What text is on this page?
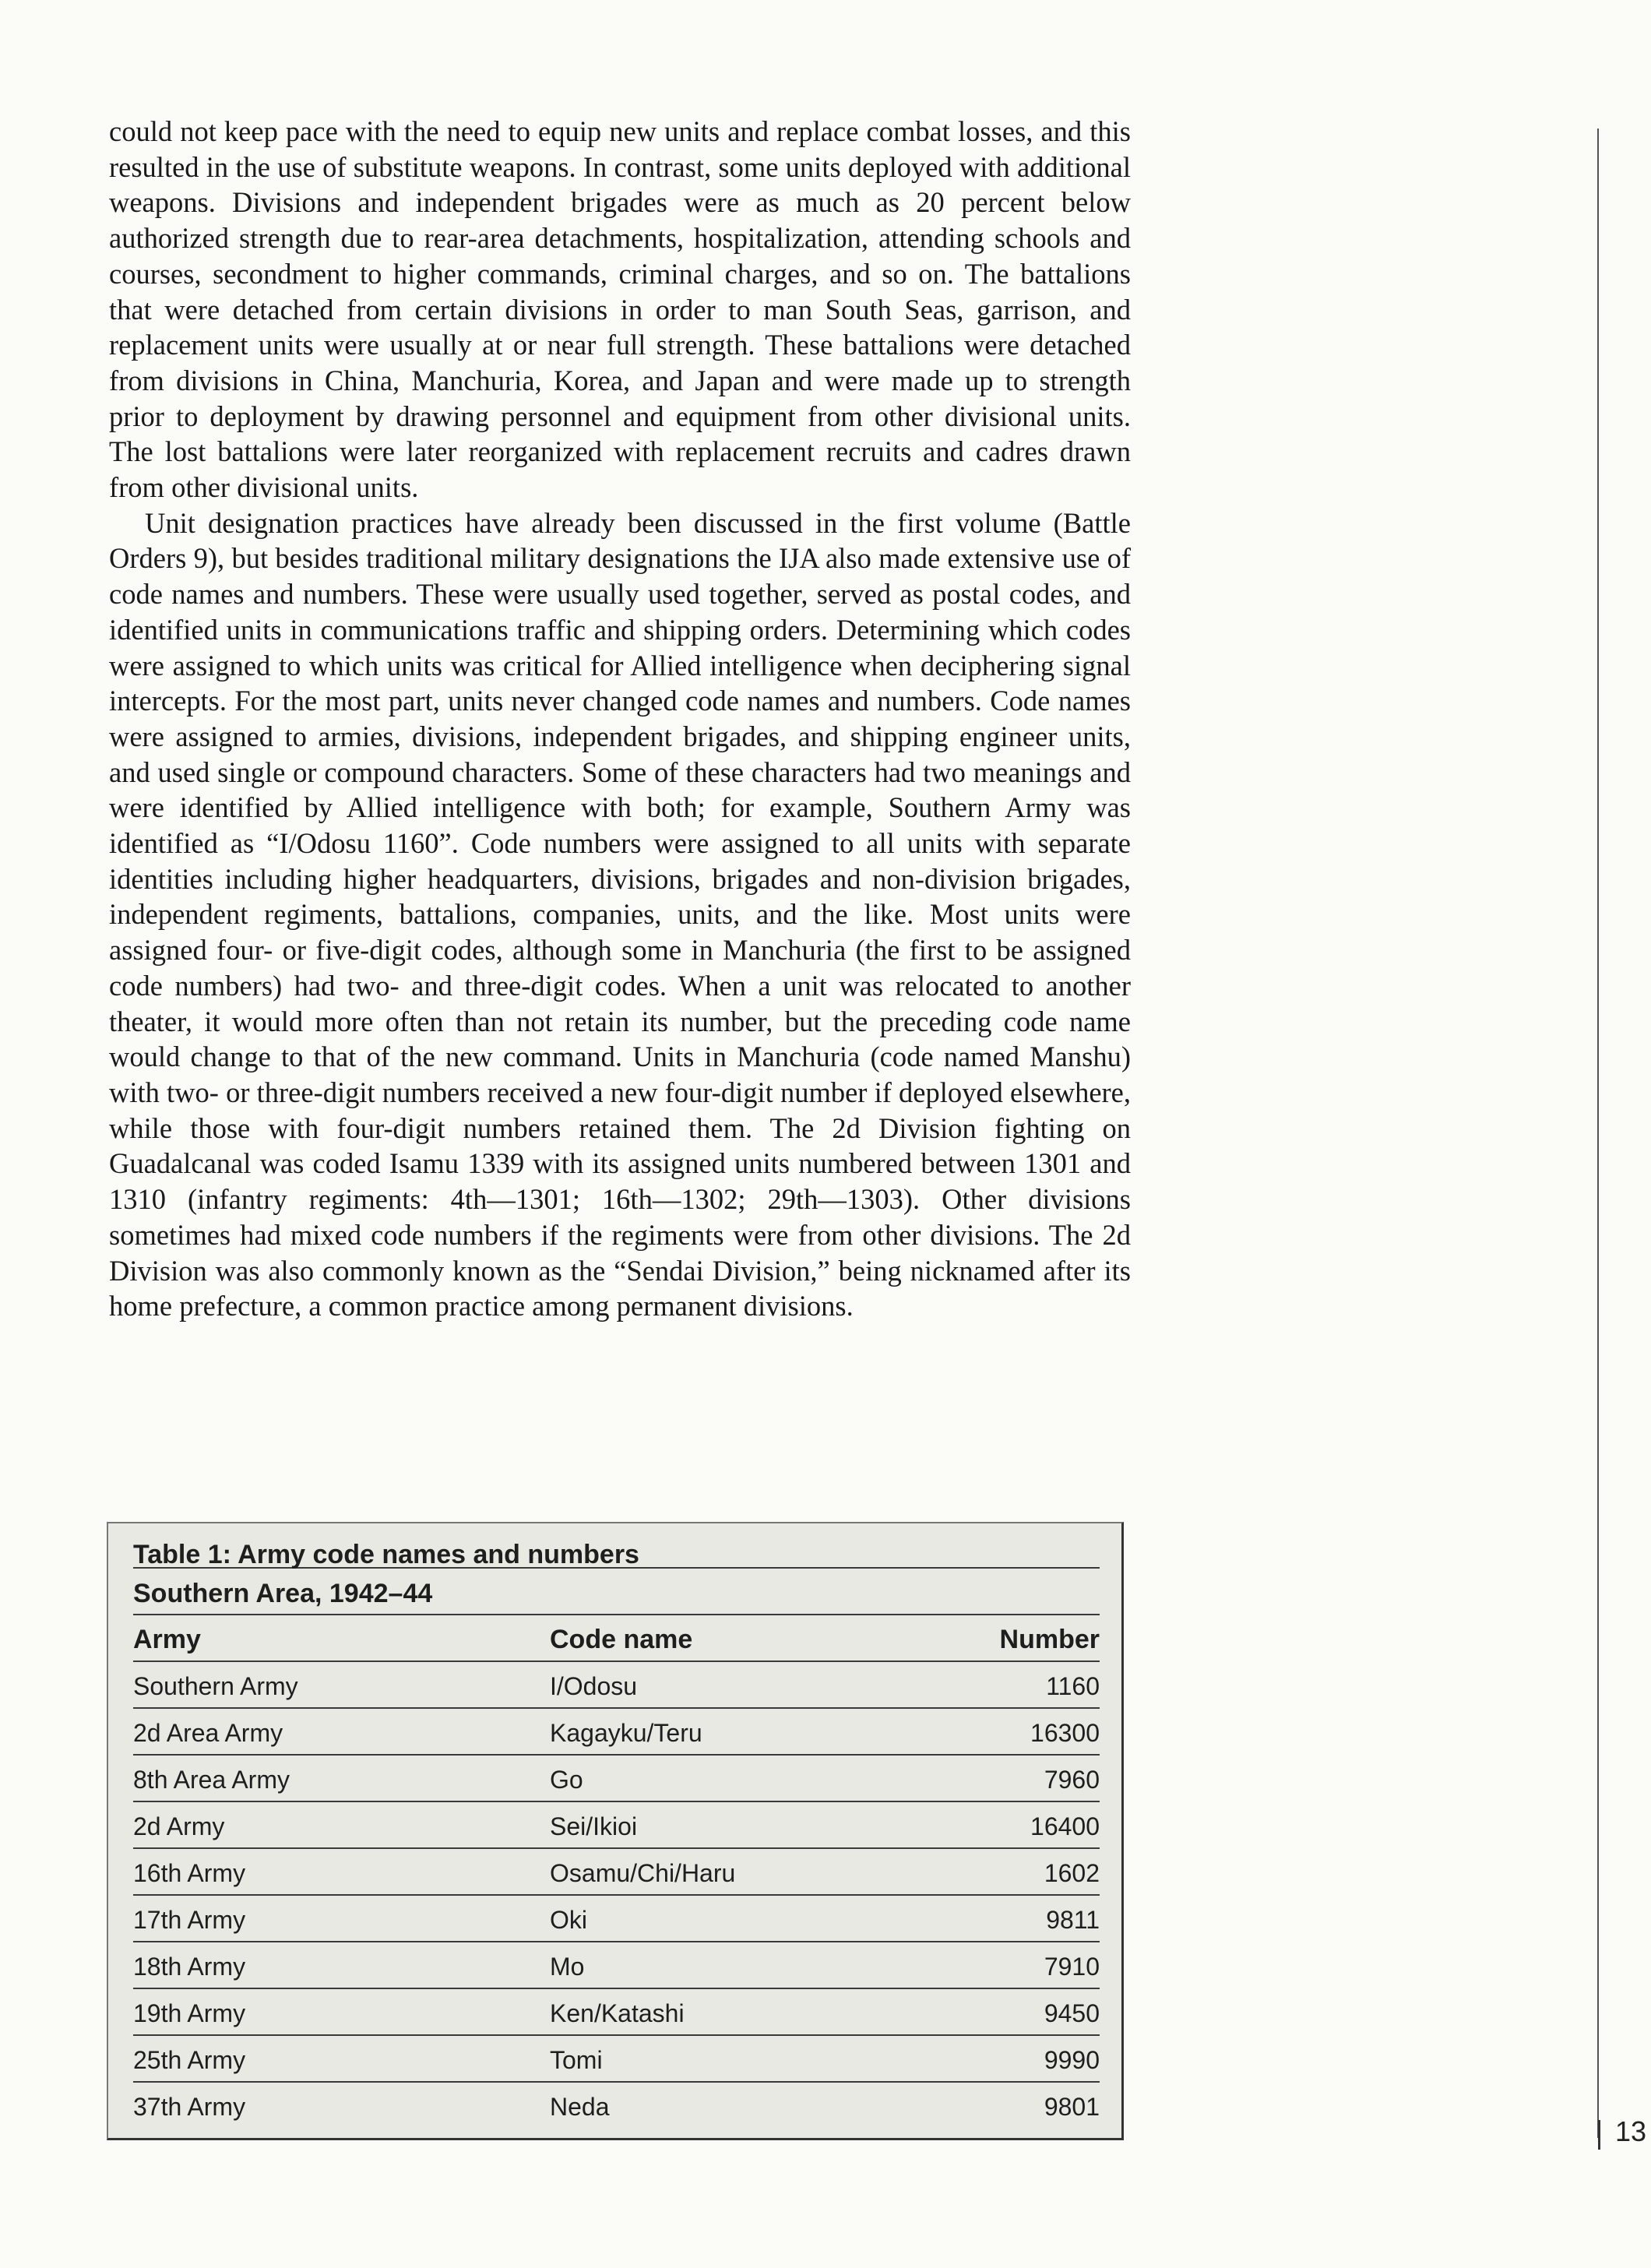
could not keep pace with the need to equip new units and replace combat losses, and this resulted in the use of substitute weapons. In contrast, some units deployed with additional weapons. Divisions and independent brigades were as much as 20 percent below authorized strength due to rear-area detachments, hospitalization, attending schools and courses, secondment to higher commands, criminal charges, and so on. The battalions that were detached from certain divisions in order to man South Seas, garrison, and replacement units were usually at or near full strength. These battalions were detached from divisions in China, Manchuria, Korea, and Japan and were made up to strength prior to deployment by drawing personnel and equipment from other divisional units. The lost battalions were later reorganized with replacement recruits and cadres drawn from other divisional units.

Unit designation practices have already been discussed in the first volume (Battle Orders 9), but besides traditional military designations the IJA also made extensive use of code names and numbers. These were usually used together, served as postal codes, and identified units in communications traffic and shipping orders. Determining which codes were assigned to which units was critical for Allied intelligence when deciphering signal intercepts. For the most part, units never changed code names and numbers. Code names were assigned to armies, divisions, independent brigades, and shipping engineer units, and used single or compound characters. Some of these characters had two meanings and were identified by Allied intelligence with both; for example, Southern Army was identified as “I/Odosu 1160”. Code numbers were assigned to all units with separate identities including higher headquarters, divisions, brigades and non-division brigades, independent regiments, battalions, companies, units, and the like. Most units were assigned four- or five-digit codes, although some in Manchuria (the first to be assigned code numbers) had two- and three-digit codes. When a unit was relocated to another theater, it would more often than not retain its number, but the preceding code name would change to that of the new command. Units in Manchuria (code named Manshu) with two- or three-digit numbers received a new four-digit number if deployed elsewhere, while those with four-digit numbers retained them. The 2d Division fighting on Guadalcanal was coded Isamu 1339 with its assigned units numbered between 1301 and 1310 (infantry regiments: 4th—1301; 16th—1302; 29th—1303). Other divisions sometimes had mixed code numbers if the regiments were from other divisions. The 2d Division was also commonly known as the “Sendai Division,” being nicknamed after its home prefecture, a common practice among permanent divisions.

Table 1: Army code names and numbers
Southern Area, 1942–44
Army	Code name	Number
Southern Army	I/Odosu	1160
2d Area Army	Kagayku/Teru	16300
8th Area Army	Go	7960
2d Army	Sei/Ikioi	16400
16th Army	Osamu/Chi/Haru	1602
17th Army	Oki	9811
18th Army	Mo	7910
19th Army	Ken/Katashi	9450
25th Army	Tomi	9990
37th Army	Neda	9801
13
